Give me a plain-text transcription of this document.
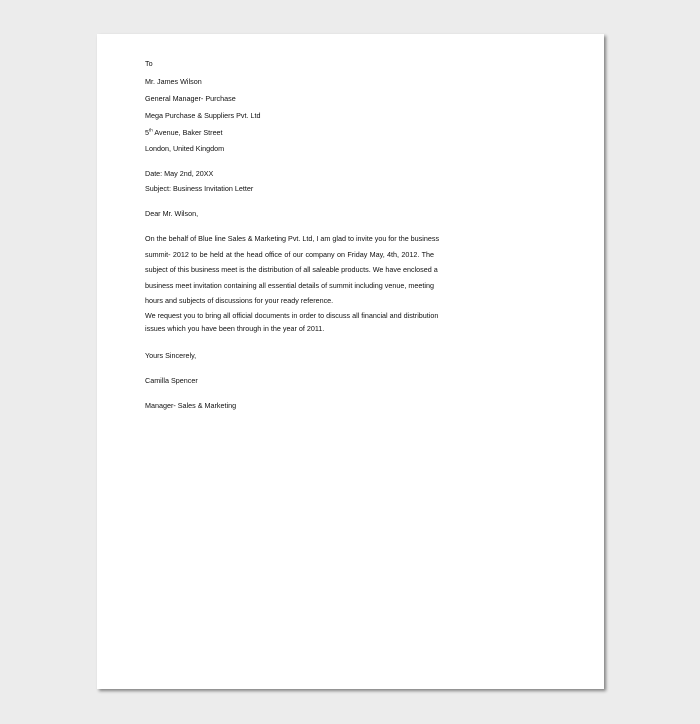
To
Mr. James Wilson
General Manager- Purchase
Mega Purchase & Suppliers Pvt. Ltd
5th Avenue, Baker Street
London, United Kingdom
Date: May 2nd, 20XX
Subject: Business Invitation Letter
Dear Mr. Wilson,
On the behalf of Blue line Sales & Marketing Pvt. Ltd, I am glad to invite you for the business
summit- 2012 to be held at the head office of our company on Friday May, 4th, 2012. The
subject of this business meet is the distribution of all saleable products. We have enclosed a
business meet invitation containing all essential details of summit including venue, meeting
hours and subjects of discussions for your ready reference.
We request you to bring all official documents in order to discuss all financial and distribution
issues which you have been through in the year of 2011.
Yours Sincerely,
Camilla Spencer
Manager- Sales & Marketing
